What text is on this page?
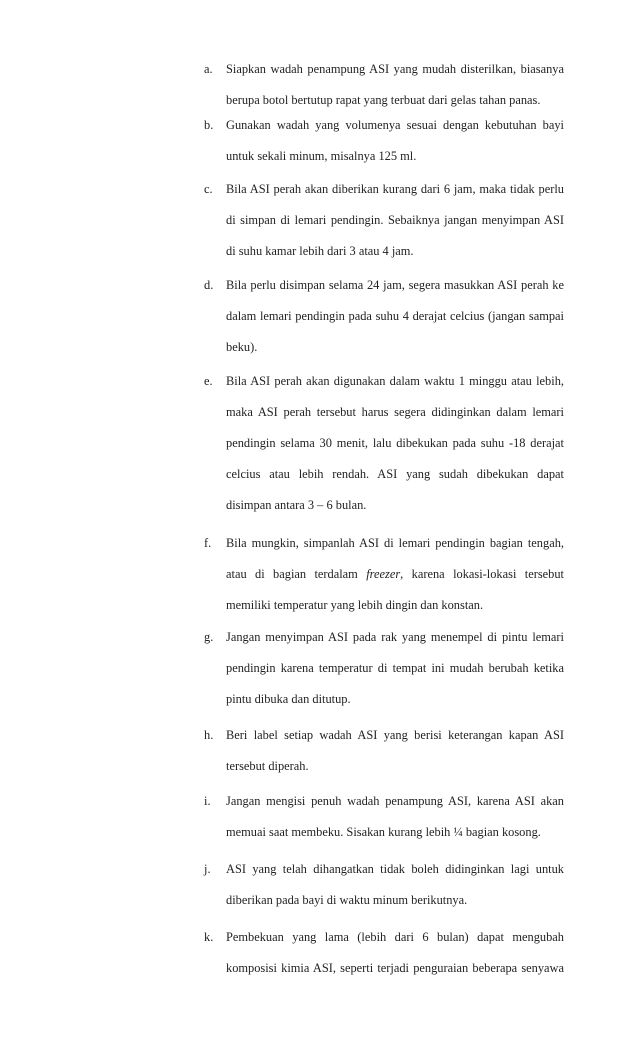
a.	Siapkan wadah penampung ASI yang mudah disterilkan, biasanya
berupa botol bertutup rapat yang terbuat dari gelas tahan panas.
b.	Gunakan wadah yang volumenya sesuai dengan kebutuhan bayi
untuk sekali minum, misalnya 125 ml.
c.	Bila ASI perah akan diberikan kurang dari 6 jam, maka tidak perlu
di simpan di lemari pendingin. Sebaiknya jangan menyimpan ASI
di suhu kamar lebih dari 3 atau 4 jam.
d.	Bila perlu disimpan selama 24 jam, segera masukkan ASI perah ke
dalam lemari pendingin pada suhu 4 derajat celcius (jangan sampai
beku).
e.	Bila ASI perah akan digunakan dalam waktu 1 minggu atau lebih,
maka ASI perah tersebut harus segera didinginkan dalam lemari
pendingin selama 30 menit, lalu dibekukan pada suhu -18 derajat
celcius atau lebih rendah. ASI yang sudah dibekukan dapat
disimpan antara 3 – 6 bulan.
f.	Bila mungkin, simpanlah ASI di lemari pendingin bagian tengah,
atau di bagian terdalam freezer, karena lokasi-lokasi tersebut
memiliki temperatur yang lebih dingin dan konstan.
g.	Jangan menyimpan ASI pada rak yang menempel di pintu lemari
pendingin karena temperatur di tempat ini mudah berubah ketika
pintu dibuka dan ditutup.
h.	Beri label setiap wadah ASI yang berisi keterangan kapan ASI
tersebut diperah.
i.	Jangan mengisi penuh wadah penampung ASI, karena ASI akan
memuai saat membeku. Sisakan kurang lebih ¼ bagian kosong.
j.	ASI yang telah dihangatkan tidak boleh didinginkan lagi untuk
diberikan pada bayi di waktu minum berikutnya.
k.	Pembekuan yang lama (lebih dari 6 bulan) dapat mengubah
komposisi kimia ASI, seperti terjadi penguraian beberapa senyawa
